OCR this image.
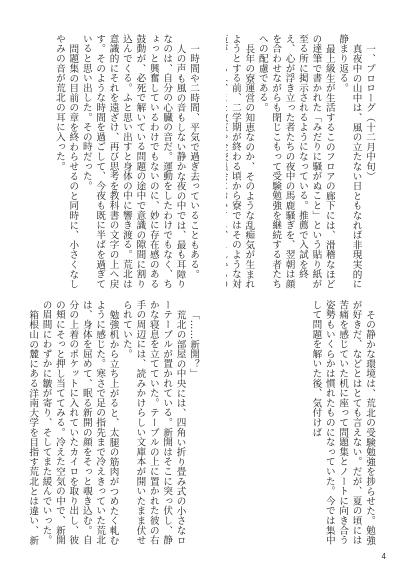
一、プロローグ（十二月中旬）

真夜中の山中は、風の立たない日ともなれば非現実的に静まり返る。

最上級生が生活するこのフロアの廊下には、滑稽なほどの達筆で書かれた「みだりに騒がぬこと」という貼り紙が至る所に掲示されるようになっている。推薦で入試を終え、心が浮き立った者たちの夜中の馬鹿騒ぎを、翌朝は顔を合わせながらも閉じこもって受験勉強を継続する者たちへの配慮である。

長年の寮運営の知恵なのか、そのような乱痴気が生まれようとする前、二学期が終わる頃から寮ではそのような対

その静かな環境は、荒北の受験勉強を捗らせた。勉強が好きだ、などとはとても言えない。だが、夏の頃には苦痛を感じていた机に座って問題集とノートに向き合う姿勢もいくらかは慣れたものになっていた。今では集中して問題を解いた後、気付けば

一時間や二時間、平気で過ぎ去っていることもある。

人の声も風の音もしない静かな夜の中では、最も耳障りなのは、自分の心臓の音だ。運動をしたわけでもなく、ちょっと興奮しているわけでもないのに、妙に存在感のある鼓動が、必死で解いている問題の途中で意識の隙間に割り込んでくる。ふと思い出すと身体の中に響き渡る。荒北は意識的にそれを遠ざけ、再び思考を教科書の文字の上へ戻す。そのような時間を過ごして、今夜も既に半ばを過ぎていると思い出した。その時だった。

問題集の目前の章を終わらせるのと同時に、小さくなしやみの音が荒北の耳に入った。

「……新開？」

荒北の部屋の中央には、四角い折り畳み式の小さなローテーブルが置かれている。新開はそこに突っ伏し、静かな寝息を立てていた。テーブルの上に置かれた彼の右手の周辺には、読みかけらしい文庫本が開いたまま伏せられていた。

勉強机から立ち上がると、太腿の筋肉がつめたく軋むように感じた。寒さで足の指先まで冷えきっていた荒北は、身体を屈めて、眠る新開の顔をそっと覗き込む。自分の上着のポケットに入れていたカイロを取り出し、彼の頬にそっと押し当ててみる。冷えた空気の中で、新開の眉間にわずかに皺が寄り、そしてまた緩んでいった。

箱根山の麓にある洋南大学を目指す荒北とは違い、新

4
